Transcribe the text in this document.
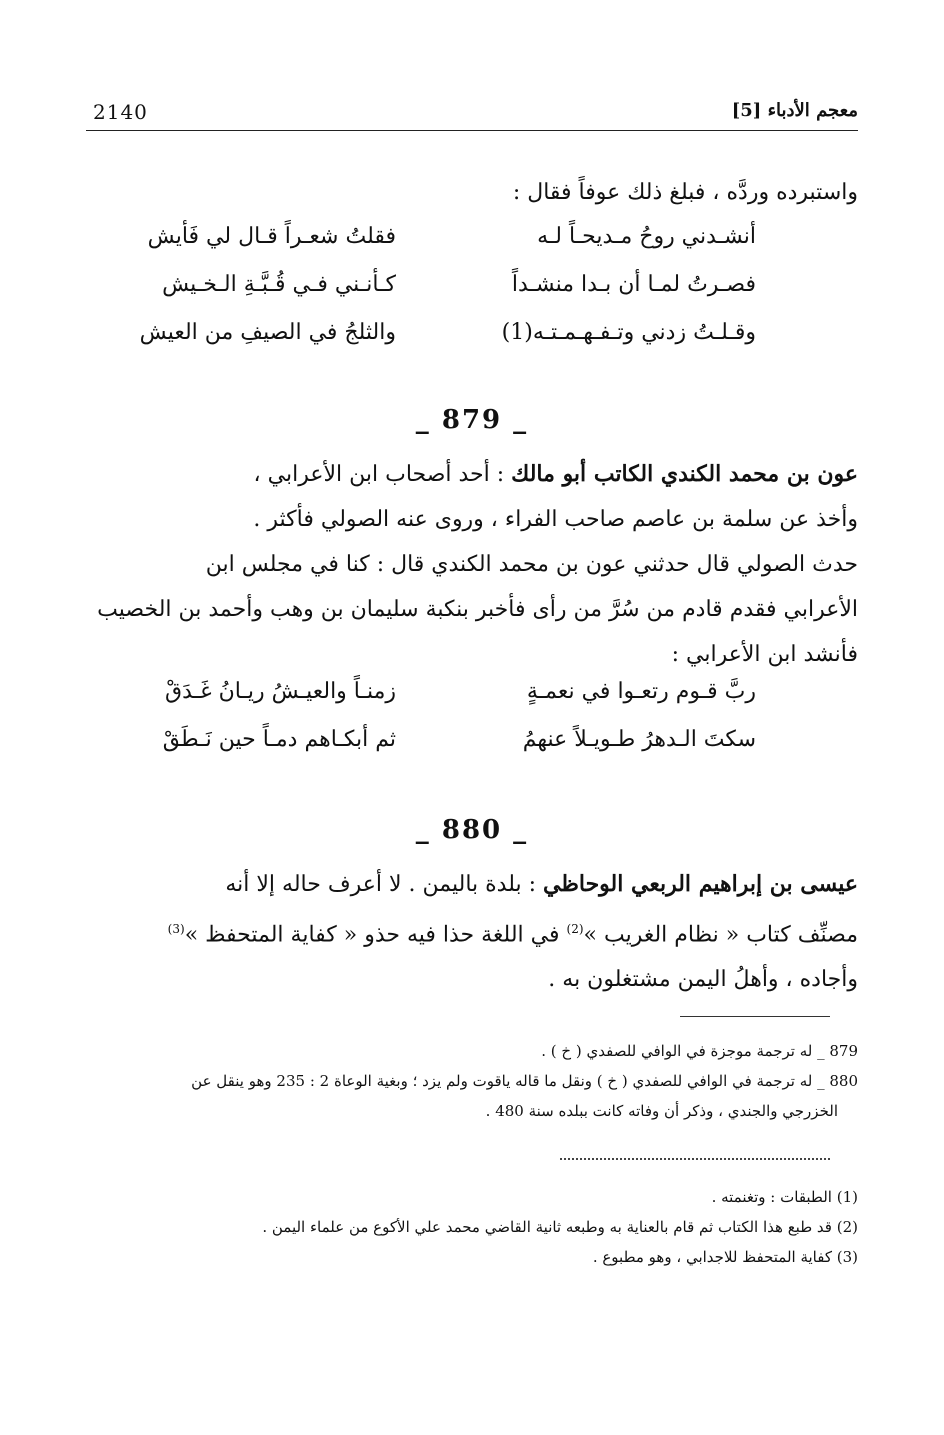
2140	معجم الأدباء [5]
واستبرده وردَّه ، فبلغ ذلك عوفاً فقال :
أنشـدني روحُ مـديحـاً لـه
فقلتُ شعـراً قـال لي فَأيش
فصـرتُ لمـا أن بـدا منشـداً
كـأنـني فـي قُـبَّـةِ الـخـيش
وقـلـتُ زدني وتـفـهـمـتـه(1)
والثلجُ في الصيفِ من العيش
_ 879 _
عون بن محمد الكندي الكاتب أبو مالك : أحد أصحاب ابن الأعرابي ،
وأخذ عن سلمة بن عاصم صاحب الفراء ، وروى عنه الصولي فأكثر .
حدث الصولي قال حدثني عون بن محمد الكندي قال : كنا في مجلس ابن
الأعرابي فقدم قادم من سُرَّ من رأى فأخبر بنكبة سليمان بن وهب وأحمد بن الخصيب
فأنشد ابن الأعرابي :
ربَّ قـوم رتعـوا في نعمـةٍ
زمنـاً والعيـشُ ريـانُ غَـدَقْ
سكتَ الـدهرُ طـويـلاً عنهمُ
ثم أبكـاهم دمـاً حين نَـطَقْ
_ 880 _
عيسى بن إبراهيم الربعي الوحاظي : بلدة باليمن . لا أعرف حاله إلا أنه
مصنِّف كتاب « نظام الغريب »$^{(2)}$ في اللغة حذا فيه حذو « كفاية المتحفظ »$^{(3)}$
وأجاده ، وأهلُ اليمن مشتغلون به .
879 _ له ترجمة موجزة في الوافي للصفدي ( خ ) .
880 _ له ترجمة في الوافي للصفدي ( خ ) ونقل ما قاله ياقوت ولم يزد ؛ وبغية الوعاة 2 : 235 وهو ينقل عن
الخزرجي والجندي ، وذكر أن وفاته كانت ببلده سنة 480 .
(1) الطبقات : وتغنمته .
(2) قد طبع هذا الكتاب ثم قام بالعناية به وطبعه ثانية القاضي محمد علي الأكوع من علماء اليمن .
(3) كفاية المتحفظ للاجدابي ، وهو مطبوع .
